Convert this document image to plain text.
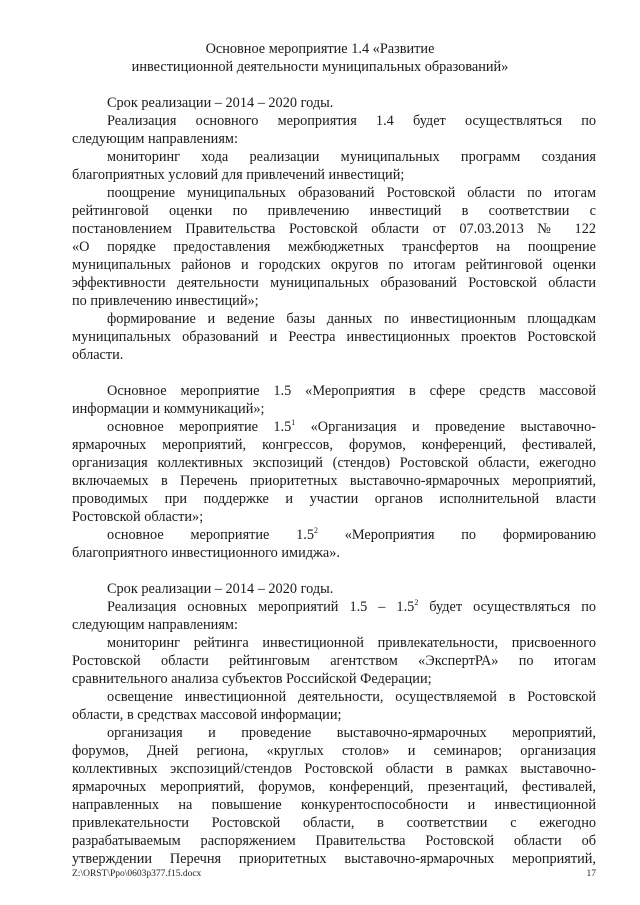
Основное мероприятие 1.4 «Развитие
инвестиционной деятельности муниципальных образований»
Срок реализации – 2014 – 2020 годы.
Реализация основного мероприятия 1.4 будет осуществляться по
следующим направлениям:
мониторинг хода реализации муниципальных программ создания
благоприятных условий для привлечений инвестиций;
поощрение муниципальных образований Ростовской области по итогам
рейтинговой оценки по привлечению инвестиций в соответствии с
постановлением Правительства Ростовской области от 07.03.2013 № 122
«О порядке предоставления межбюджетных трансфертов на поощрение
муниципальных районов и городских округов по итогам рейтинговой оценки
эффективности деятельности муниципальных образований Ростовской области
по привлечению инвестиций»;
формирование и ведение базы данных по инвестиционным площадкам
муниципальных образований и Реестра инвестиционных проектов Ростовской
области.
Основное мероприятие 1.5 «Мероприятия в сфере средств массовой
информации и коммуникаций»;
основное мероприятие $1.5^1$ «Организация и проведение выставочно-
ярмарочных мероприятий, конгрессов, форумов, конференций, фестивалей,
организация коллективных экспозиций (стендов) Ростовской области, ежегодно
включаемых в Перечень приоритетных выставочно-ярмарочных мероприятий,
проводимых при поддержке и участии органов исполнительной власти
Ростовской области»;
основное мероприятие $1.5^2$ «Мероприятия по формированию
благоприятного инвестиционного имиджа».
Срок реализации – 2014 – 2020 годы.
Реализация основных мероприятий $1.5 - 1.5^2$ будет осуществляться по
следующим направлениям:
мониторинг рейтинга инвестиционной привлекательности, присвоенного
Ростовской области рейтинговым агентством «ЭкспертРА» по итогам
сравнительного анализа субъектов Российской Федерации;
освещение инвестиционной деятельности, осуществляемой в Ростовской
области, в средствах массовой информации;
организация и проведение выставочно-ярмарочных мероприятий,
форумов, Дней региона, «круглых столов» и семинаров; организация
коллективных экспозиций/стендов Ростовской области в рамках выставочно-
ярмарочных мероприятий, форумов, конференций, презентаций, фестивалей,
направленных на повышение конкурентоспособности и инвестиционной
привлекательности Ростовской области, в соответствии с ежегодно
разрабатываемым распоряжением Правительства Ростовской области об
утверждении Перечня приоритетных выставочно-ярмарочных мероприятий,
Z:\ORST\Ppo\0603p377.f15.docx	17
